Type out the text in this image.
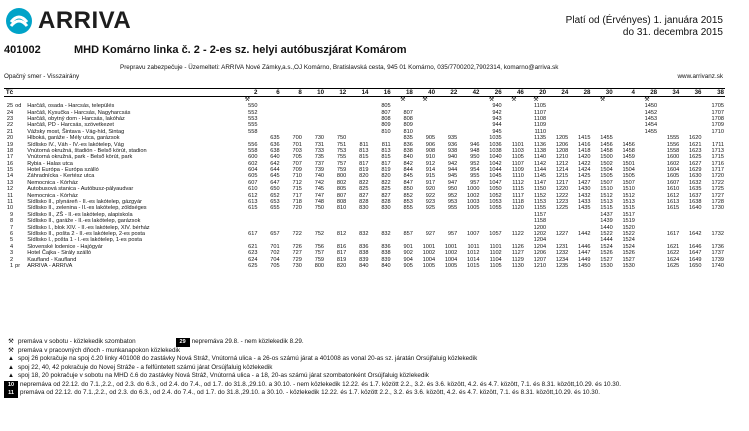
ARRIVA	Platí od (Érvényes) 1. januára 2015
do 31. decembra 2015
401002	MHD Komárno linka č. 2 - 2-es sz. helyi autóbuszjárat Komárom
Prepravu zabezpečuje - Üzemelteti: ARRIVA Nové Zámky,a.s.,OJ Komárno, Bratislavská cesta, 945 01 Komárno, 035/7700202,7902314, komarno@arriva.sk
Opačný smer - Visszairány	www.arrivanz.sk
Tč			2	6	8	10	12	14	16	18	40	22	42	26	46	20	24	28	30	4	28	34	36	38
			⚒							⚒	⚒			⚒	⚒	⚒			⚒		⚒			
25	od	Harčáš, osada - Harcsás, település	550						805					940		1105					1450			1705
24		Harčáš, Kysučka - Harcsás, Nagyharcsás	552						807	807				942		1107					1452			1707
23		Harčáš, obytný dom - Harcsás, lakóház	553						808	808				943		1108					1453			1708
22		Harčáš, PD - Harcsás, szövetkezet	555						809	809				944		1109					1454			1709
21		Vážsky most, Šintava - Vág-híd, Sintag	558						810	810				945		1110					1455			1710
20		Hlboká, garáže - Mély utca, garázsok		635	700	730	750			835	905	935		1035		1135	1205	1415	1455			1555	1620	
19		Sídlisko IV., Váh - IV.-es lakótelep, Vág	556	636	701	731	751	811	811	836	906	936	946	1036	1101	1136	1206	1416	1456	1456		1556	1621	1711
18		Vnútorná okružná, štadión - Belső körút, stadion	558	638	703	733	753	813	813	838	908	938	948	1038	1103	1138	1208	1418	1458	1458		1558	1623	1713
17		Vnútorná okružná, park - Belső körút, park	600	640	705	735	755	815	815	840	910	940	950	1040	1105	1140	1210	1420	1500	1459		1600	1625	1715
16		Rybia - Halas utca	602	642	707	737	757	817	817	842	912	942	952	1042	1107	1142	1212	1422	1502	1501		1602	1627	1716
15		Hotel Európa - Európa szálló	604	644	709	739	759	819	819	844	914	944	954	1044	1109	1144	1214	1424	1504	1504		1604	1629	1717
14		Záhradnícka - Kertész utca	605	645	710	740	800	820	820	845	915	945	955	1045	1110	1145	1215	1425	1505	1505		1605	1630	1720
13		Nemocnica - Kórház	607	647	712	742	802	822	822	847	917	947	957	1047	1112	1147	1217	1427	1507	1507		1607	1632	1722
12		Autobusová stanica - Autóbusz-pályaudvar	610	650	715	745	805	825	825	850	920	950	1000	1050	1115	1150	1220	1430	1510	1510		1610	1635	1725
11		Nemocnica - Kórház	612	652	717	747	807	827	827	852	922	952	1002	1052	1117	1152	1222	1432	1512	1512		1612	1637	1727
11		Sídlisko II., plynáreň - II.-es lakótelep, gázgyár	613	653	718	748	808	828	828	853	923	953	1003	1053	1118	1153	1223	1433	1513	1513		1613	1638	1728
10		Sídlisko II., zelenina - II.-es lakótelep, zöldséges	615	655	720	750	810	830	830	855	925	955	1005	1055	1120	1155	1225	1435	1515	1515		1615	1640	1730
9		Sídlisko II., ZŠ - II.-es lakótelep, alapiskola														1157			1437	1517				
8		Sídlisko II., garáže - II.-es lakótelep, garázsok														1158			1439	1519				
7		Sídlisko I., blok XIV. - II.-es lakótelep, XIV. bérház														1200			1440	1520				
6		Sídlisko II., pošta 2 - II.-es lakótelep, 2-es posta	617	657	722	752	812	832	832	857	927	957	1007	1057	1122	1202	1227	1442	1522	1522		1617	1642	1732
5		Sídlisko I., pošta 1 - I.-es lakótelep, 1-es posta														1204			1444	1524				
4		Slovenské lodenice - Hajógyár	621	701	726	756	816	836	836	901	1001	1001	1011	1101	1126	1204	1231	1446	1524	1524		1621	1646	1736
3		Hotel Čajka - Sirály szálló	623	702	727	757	817	838	838	902	1002	1002	1012	1102	1127	1206	1232	1447	1526	1526		1622	1647	1737
2		Kaufland - Kaufland	624	704	729	759	819	839	839	904	1004	1004	1014	1104	1129	1207	1234	1449	1527	1527		1624	1649	1739
1	pr	ARRIVA - ARRIVA	625	705	730	800	820	840	840	905	1005	1005	1015	1105	1130	1210	1235	1450	1530	1530		1625	1650	1740
⚒ premáva v sobotu - közlekedik szombaton	29 nepremáva 29.8. - nem közlekedik 8.29.
⚒ premáva v pracovných dňoch - munkanapokon közlekedik
▲ spoj 26 pokračuje na spoj č.20 linky 401008 do zastávky Nová Stráž, Vnútorná ulica - a 26-os számú járat a 401008 as vonal 20-as sz. járatán Örsújfaluig közlekedik
▲ spoj 22, 40, 42 pokračuje do Novej Stráže - a felfüntetett számú járat Örsújfaluig közlekedik
▲ spoj 18, 20 pokračuje v sobotu na MHD č.6 do zastávky Nová Stráž, Vnútorná ulica - a 18, 20-as számú járat szombatonként Örsújfaluig közlekedik
10 nepremáva od 22.12. do 7.1.,2.2., od 2.3. do 6.3., od 2.4. do 7.4., od 1.7. do 31.8.,29.10. a 30.10. - nem közlekedik 12.22. és 1.7. között 2.2., 3.2. és 3.6. között, 4.2. és 4.7. között, 7.1. és 8.31. között,10.29. és 10.30.
11 premáva od 22.12. do 7.1.,2.2., od 2.3. do 6.3., od 2.4. do 7.4., od 1.7. do 31.8.,29.10. a 30.10. - közlekedik 12.22. és 1.7. között 2.2., 3.2. és 3.6. között, 4.2. és 4.7. között, 7.1. és 8.31. között,10.29. és 10.30.
